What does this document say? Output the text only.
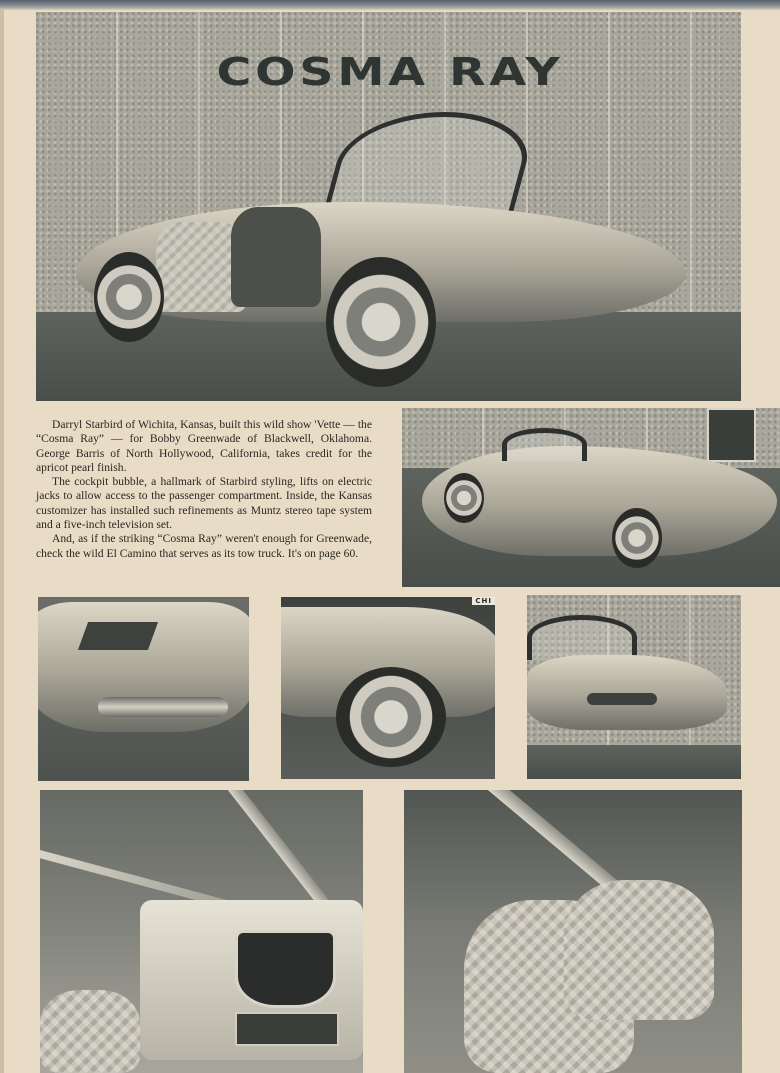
COSMA RAY

Darryl Starbird of Wichita, Kansas, built this wild show 'Vette — the “Cosma Ray” — for Bobby Greenwade of Blackwell, Oklahoma. George Barris of North Hollywood, California, takes credit for the apricot pearl finish.

The cockpit bubble, a hallmark of Starbird styling, lifts on electric jacks to allow access to the passenger compartment. Inside, the Kansas customizer has installed such refinements as Muntz stereo tape system and a five-inch television set.

And, as if the striking “Cosma Ray” weren't enough for Greenwade, check the wild El Camino that serves as its tow truck. It's on page 60.

CHI
